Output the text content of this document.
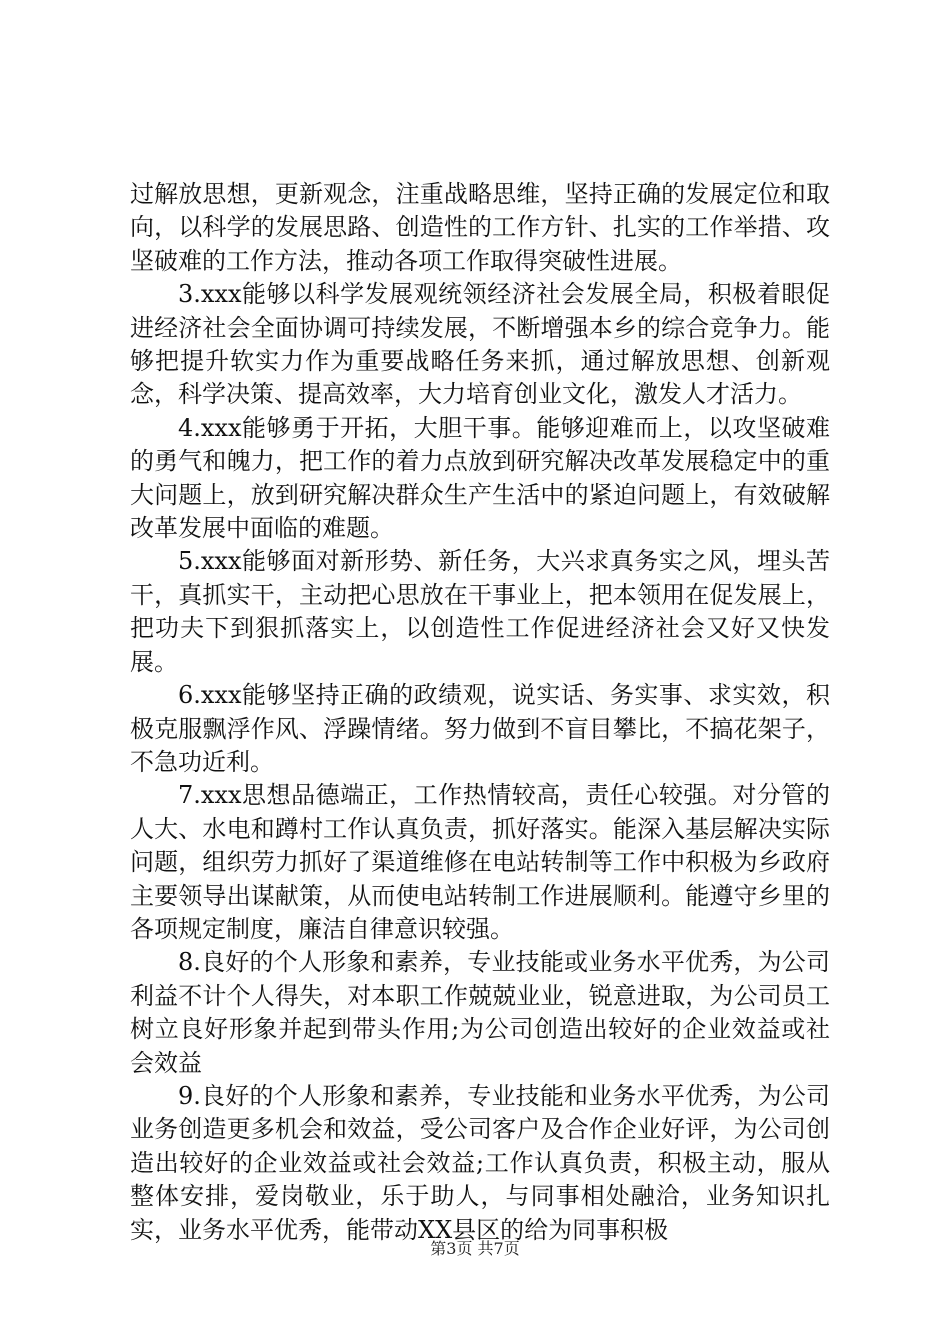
过解放思想，更新观念，注重战略思维，坚持正确的发展定位和取向，以科学的发展思路、创造性的工作方针、扎实的工作举措、攻坚破难的工作方法，推动各项工作取得突破性进展。

3.xxx能够以科学发展观统领经济社会发展全局，积极着眼促进经济社会全面协调可持续发展，不断增强本乡的综合竞争力。能够把提升软实力作为重要战略任务来抓，通过解放思想、创新观念，科学决策、提高效率，大力培育创业文化，激发人才活力。

4.xxx能够勇于开拓，大胆干事。能够迎难而上，以攻坚破难的勇气和魄力，把工作的着力点放到研究解决改革发展稳定中的重大问题上，放到研究解决群众生产生活中的紧迫问题上，有效破解改革发展中面临的难题。

5.xxx能够面对新形势、新任务，大兴求真务实之风，埋头苦干，真抓实干，主动把心思放在干事业上，把本领用在促发展上，把功夫下到狠抓落实上，以创造性工作促进经济社会又好又快发展。

6.xxx能够坚持正确的政绩观，说实话、务实事、求实效，积极克服飘浮作风、浮躁情绪。努力做到不盲目攀比，不搞花架子，不急功近利。

7.xxx思想品德端正，工作热情较高，责任心较强。对分管的人大、水电和蹲村工作认真负责，抓好落实。能深入基层解决实际问题，组织劳力抓好了渠道维修在电站转制等工作中积极为乡政府主要领导出谋献策，从而使电站转制工作进展顺利。能遵守乡里的各项规定制度，廉洁自律意识较强。

8.良好的个人形象和素养，专业技能或业务水平优秀，为公司利益不计个人得失，对本职工作兢兢业业，锐意进取，为公司员工树立良好形象并起到带头作用;为公司创造出较好的企业效益或社会效益

9.良好的个人形象和素养，专业技能和业务水平优秀，为公司业务创造更多机会和效益，受公司客户及合作企业好评，为公司创造出较好的企业效益或社会效益;工作认真负责，积极主动，服从整体安排，爱岗敬业，乐于助人，与同事相处融洽，业务知识扎实，业务水平优秀，能带动XX县区的给为同事积极

第3页 共7页
